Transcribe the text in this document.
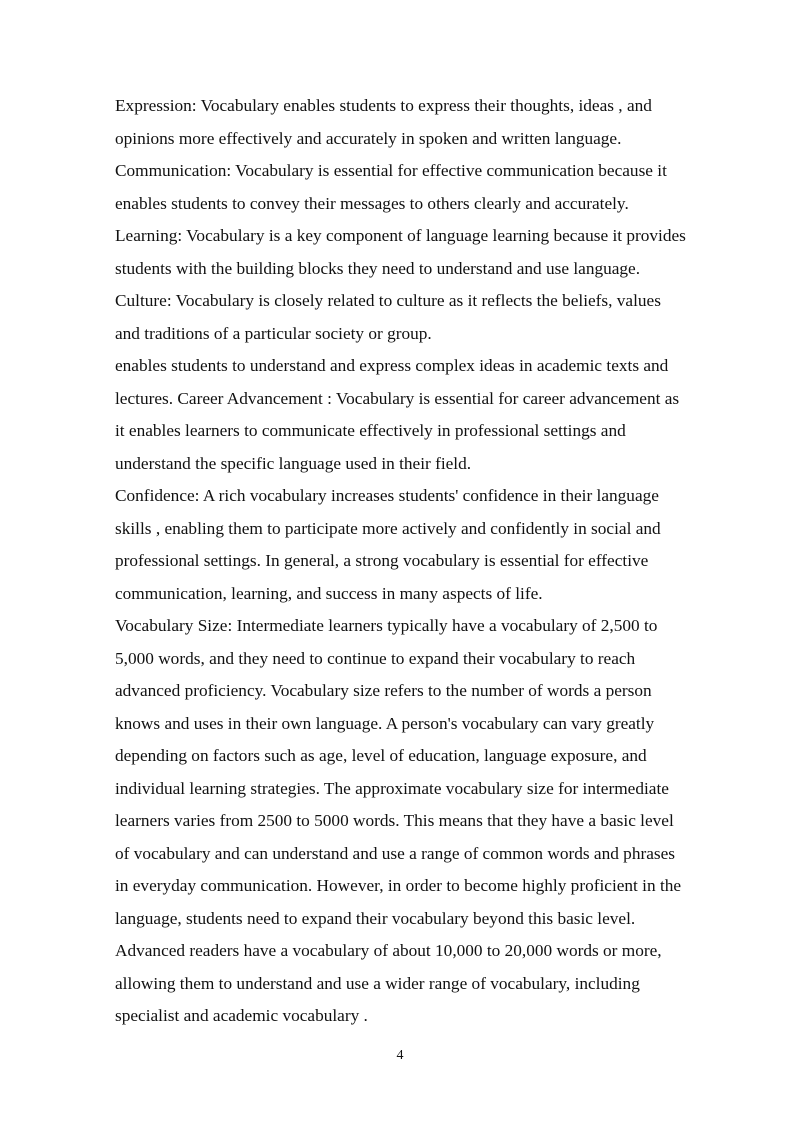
Expression: Vocabulary enables students to express their thoughts, ideas , and
opinions more effectively and accurately in spoken and written language.
Communication: Vocabulary is essential for effective communication because it
enables students to convey their messages to others clearly and accurately.
Learning: Vocabulary is a key component of language learning because it provides
students with the building blocks they need to understand and use language.
Culture: Vocabulary is closely related to culture as it reflects the beliefs, values
and traditions of a particular society or group.
enables students to understand and express complex ideas in academic texts and
lectures. Career Advancement : Vocabulary is essential for career advancement as
it enables learners to communicate effectively in professional settings and
understand the specific language used in their field.
Confidence: A rich vocabulary increases students' confidence in their language
skills , enabling them to participate more actively and confidently in social and
professional settings. In general, a strong vocabulary is essential for effective
communication, learning, and success in many aspects of life.
Vocabulary Size: Intermediate learners typically have a vocabulary of 2,500 to
5,000 words, and they need to continue to expand their vocabulary to reach
advanced proficiency. Vocabulary size refers to the number of words a person
knows and uses in their own language. A person's vocabulary can vary greatly
depending on factors such as age, level of education, language exposure, and
individual learning strategies. The approximate vocabulary size for intermediate
learners varies from 2500 to 5000 words. This means that they have a basic level
of vocabulary and can understand and use a range of common words and phrases
in everyday communication. However, in order to become highly proficient in the
language, students need to expand their vocabulary beyond this basic level.
Advanced readers have a vocabulary of about 10,000 to 20,000 words or more,
allowing them to understand and use a wider range of vocabulary, including
specialist and academic vocabulary .
4
